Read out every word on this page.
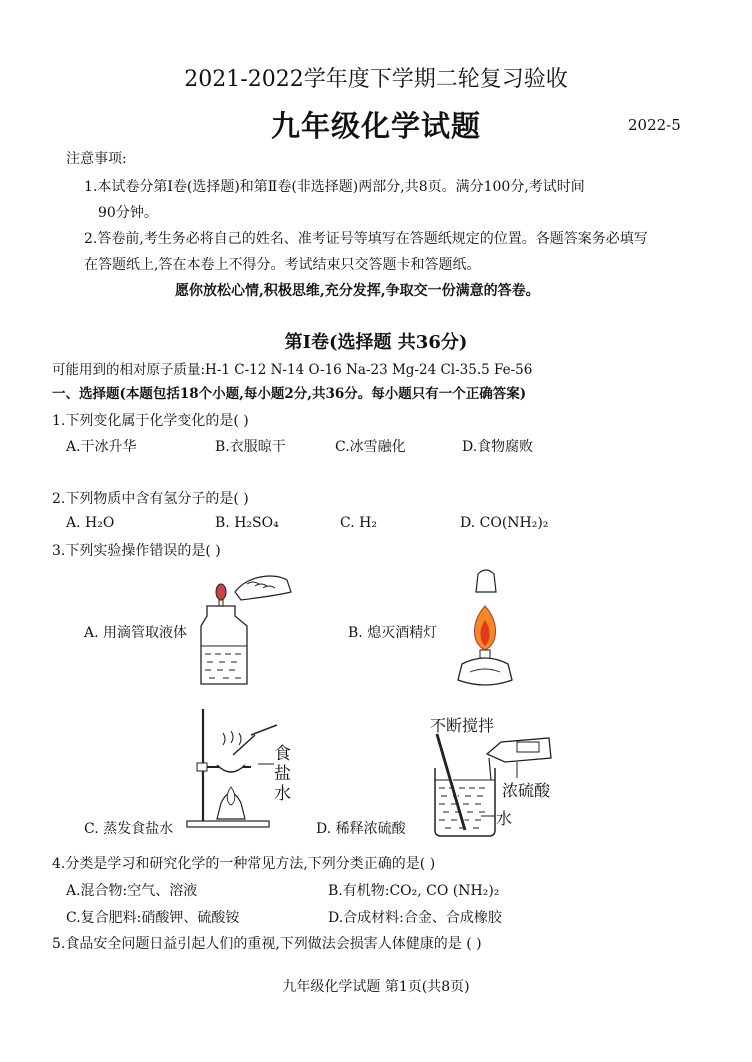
2021-2022学年度下学期二轮复习验收
九年级化学试题	2022-5
注意事项:
1.本试卷分第Ⅰ卷(选择题)和第Ⅱ卷(非选择题)两部分,共8页。满分100分,考试时间
90分钟。
2.答卷前,考生务必将自己的姓名、准考证号等填写在答题纸规定的位置。各题答案务必填写
在答题纸上,答在本卷上不得分。考试结束只交答题卡和答题纸。
愿你放松心情,积极思维,充分发挥,争取交一份满意的答卷。
第Ⅰ卷(选择题 共36分)
可能用到的相对原子质量:H-1 C-12 N-14 O-16 Na-23 Mg-24 Cl-35.5 Fe-56
一、选择题(本题包括18个小题,每小题2分,共36分。每小题只有一个正确答案)
1.下列变化属于化学变化的是( )
A.干冰升华	B.衣服晾干	C.冰雪融化	D.食物腐败
2.下列物质中含有氢分子的是( )
A. H₂O	B. H₂SO₄	C. H₂	D. CO(NH₂)₂
3.下列实验操作错误的是( )
A. 用滴管取液体	B. 熄灭酒精灯
食
盐
水
C. 蒸发食盐水
不断搅拌
浓硫酸
水
D. 稀释浓硫酸
4.分类是学习和研究化学的一种常见方法,下列分类正确的是( )
A.混合物:空气、溶液	B.有机物:CO₂, CO (NH₂)₂
C.复合肥料:硝酸钾、硫酸铵	D.合成材料:合金、合成橡胶
5.食品安全问题日益引起人们的重视,下列做法会损害人体健康的是 ( )
九年级化学试题 第1页(共8页)
